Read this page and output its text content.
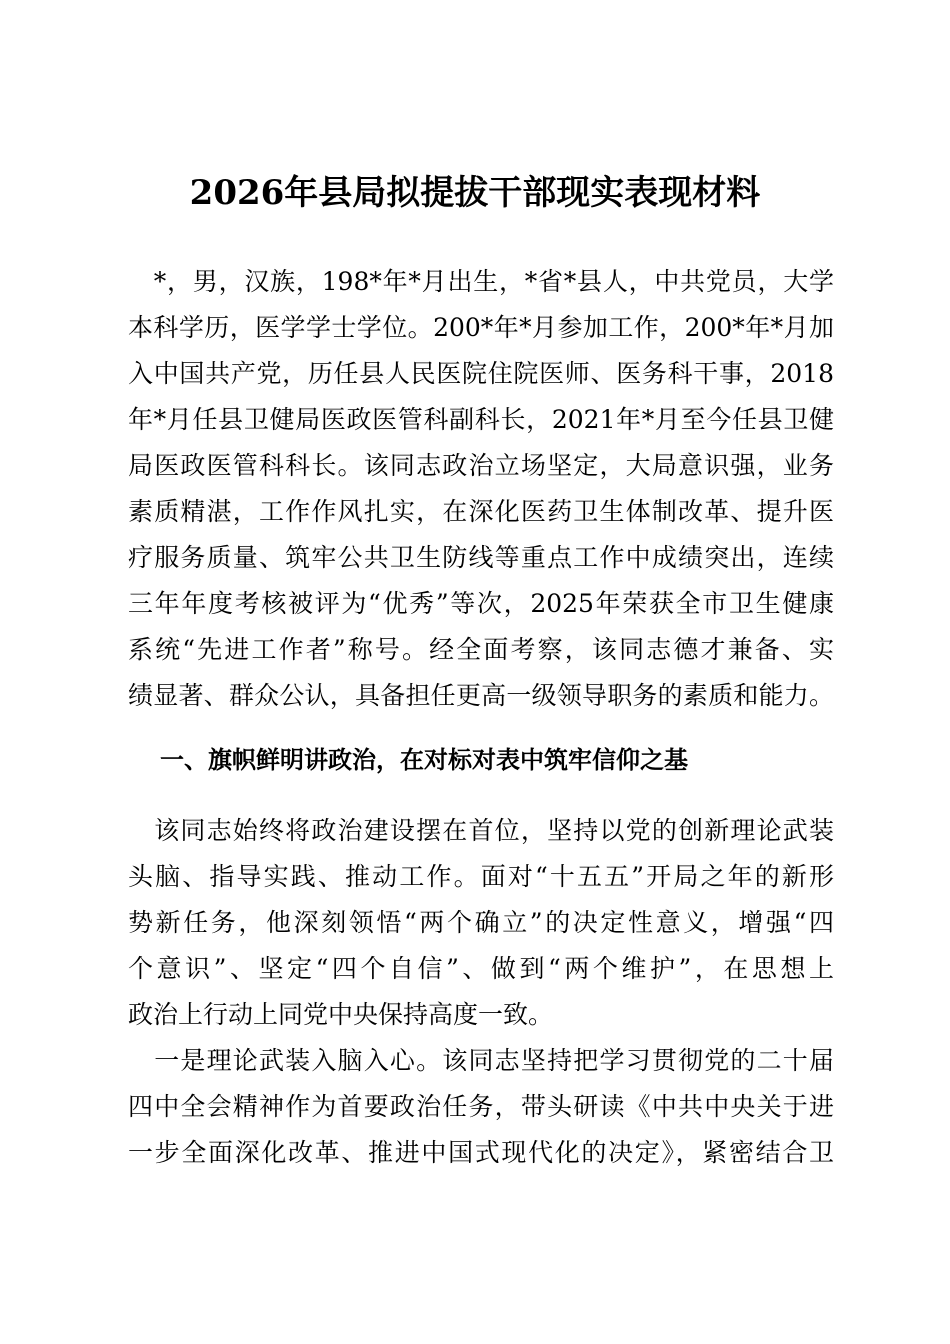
2026年县局拟提拔干部现实表现材料
　*，男，汉族，198*年*月出生，*省*县人，中共党员，大学
本科学历，医学学士学位。200*年*月参加工作，200*年*月加
入中国共产党，历任县人民医院住院医师、医务科干事，2018
年*月任县卫健局医政医管科副科长，2021年*月至今任县卫健
局医政医管科科长。该同志政治立场坚定，大局意识强，业务
素质精湛，工作作风扎实，在深化医药卫生体制改革、提升医
疗服务质量、筑牢公共卫生防线等重点工作中成绩突出，连续
三年年度考核被评为“优秀”等次，2025年荣获全市卫生健康
系统“先进工作者”称号。经全面考察，该同志德才兼备、实
绩显著、群众公认，具备担任更高一级领导职务的素质和能力。
一、旗帜鲜明讲政治，在对标对表中筑牢信仰之基
　该同志始终将政治建设摆在首位，坚持以党的创新理论武装
头脑、指导实践、推动工作。面对“十五五”开局之年的新形
势新任务，他深刻领悟“两个确立”的决定性意义，增强“四
个意识”、坚定“四个自信”、做到“两个维护”，在思想上
政治上行动上同党中央保持高度一致。
　一是理论武装入脑入心。该同志坚持把学习贯彻党的二十届
四中全会精神作为首要政治任务，带头研读《中共中央关于进
一步全面深化改革、推进中国式现代化的决定》，紧密结合卫
